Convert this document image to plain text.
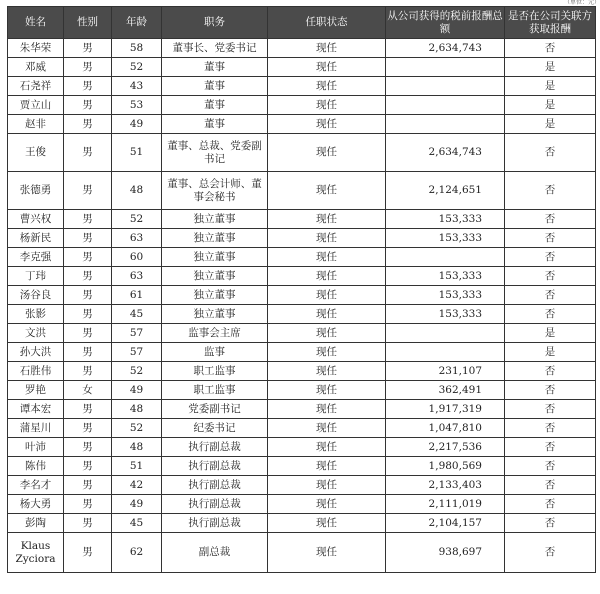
（单位：元）
姓名	性别	年龄	职务	任职状态	从公司获得的税前报酬总额	是否在公司关联方获取报酬
朱华荣	男	58	董事长、党委书记	现任	2,634,743	否
邓威	男	52	董事	现任		是
石尧祥	男	43	董事	现任		是
贾立山	男	53	董事	现任		是
赵非	男	49	董事	现任		是
王俊	男	51	董事、总裁、党委副书记	现任	2,634,743	否
张德勇	男	48	董事、总会计师、董事会秘书	现任	2,124,651	否
曹兴权	男	52	独立董事	现任	153,333	否
杨新民	男	63	独立董事	现任	153,333	否
李克强	男	60	独立董事	现任		否
丁玮	男	63	独立董事	现任	153,333	否
汤谷良	男	61	独立董事	现任	153,333	否
张影	男	45	独立董事	现任	153,333	否
文洪	男	57	监事会主席	现任		是
孙大洪	男	57	监事	现任		是
石胜伟	男	52	职工监事	现任	231,107	否
罗艳	女	49	职工监事	现任	362,491	否
谭本宏	男	48	党委副书记	现任	1,917,319	否
蒲星川	男	52	纪委书记	现任	1,047,810	否
叶沛	男	48	执行副总裁	现任	2,217,536	否
陈伟	男	51	执行副总裁	现任	1,980,569	否
李名才	男	42	执行副总裁	现任	2,133,403	否
杨大勇	男	49	执行副总裁	现任	2,111,019	否
彭陶	男	45	执行副总裁	现任	2,104,157	否
Klaus Zyciora	男	62	副总裁	现任	938,697	否
